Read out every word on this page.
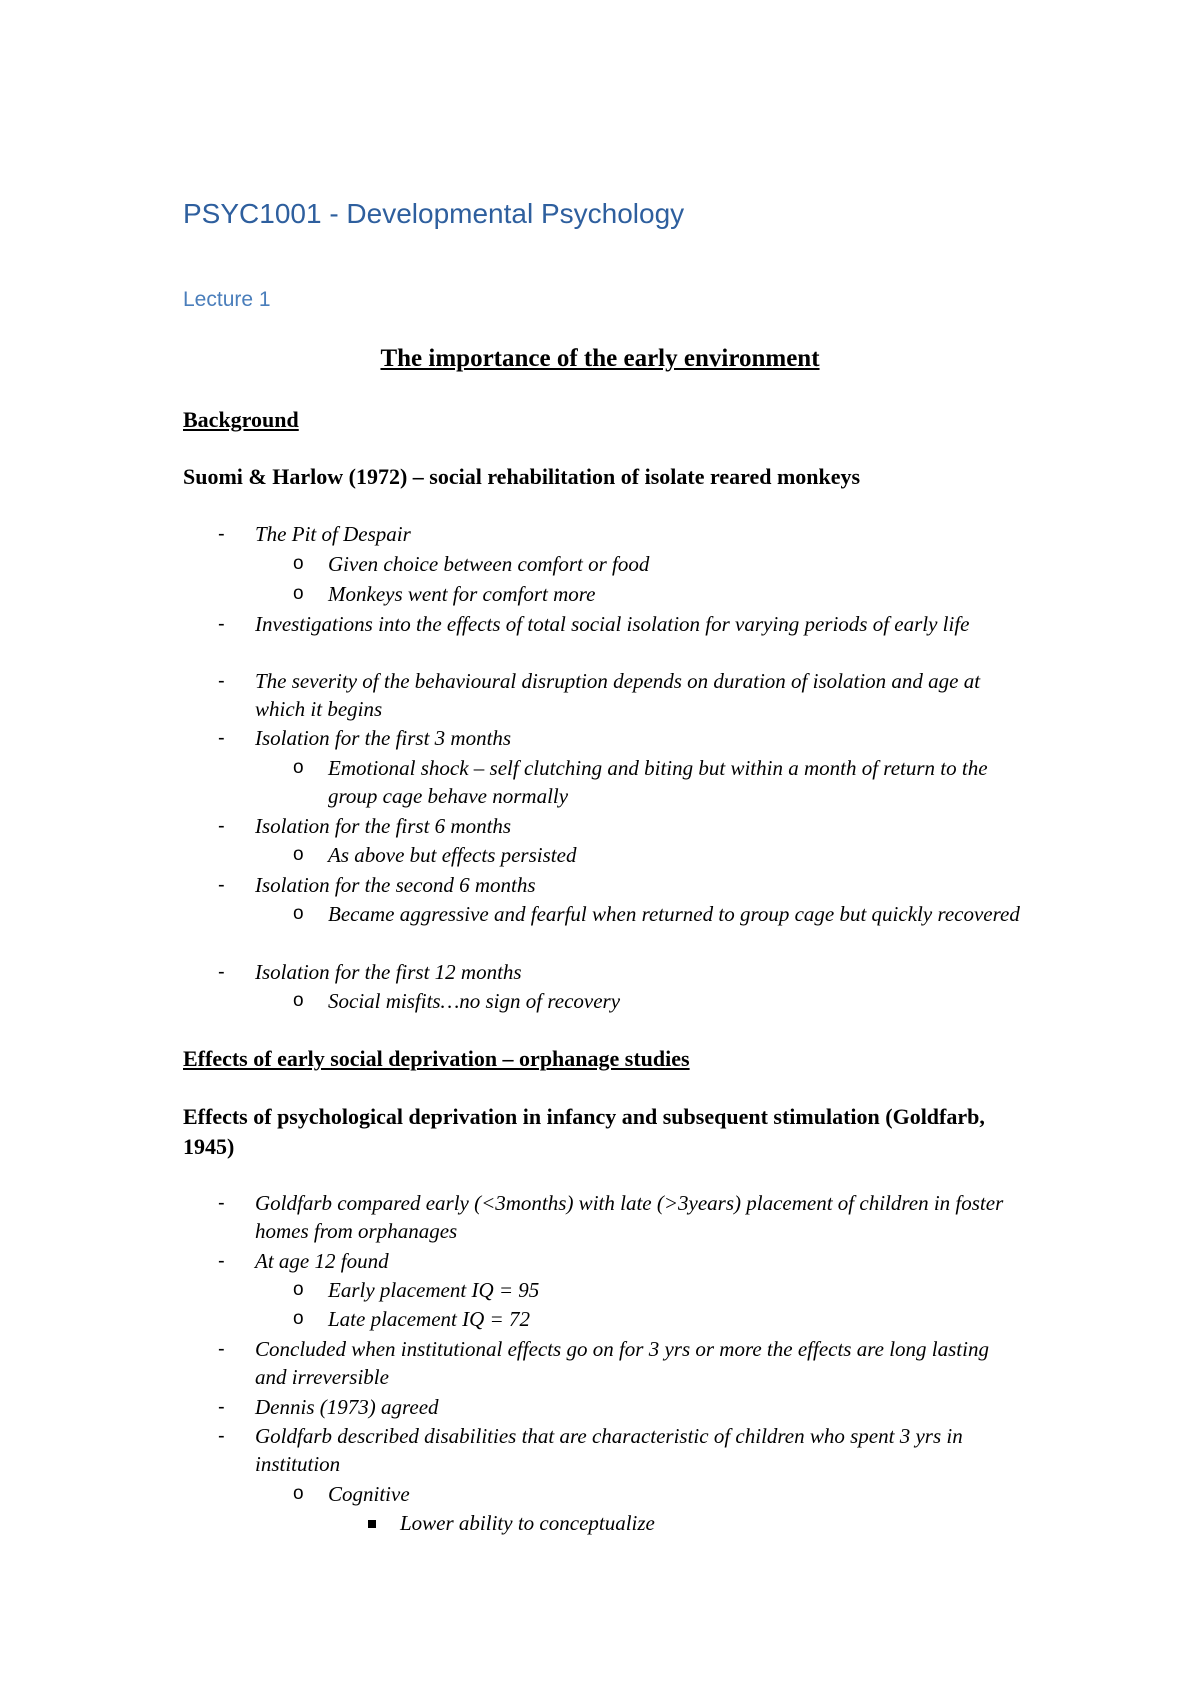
PSYC1001 - Developmental Psychology
Lecture 1
The importance of the early environment
Background
Suomi & Harlow (1972) – social rehabilitation of isolate reared monkeys
- The Pit of Despair
o Given choice between comfort or food
o Monkeys went for comfort more
- Investigations into the effects of total social isolation for varying periods of early life
- The severity of the behavioural disruption depends on duration of isolation and age at which it begins
- Isolation for the first 3 months
o Emotional shock – self clutching and biting but within a month of return to the group cage behave normally
- Isolation for the first 6 months
o As above but effects persisted
- Isolation for the second 6 months
o Became aggressive and fearful when returned to group cage but quickly recovered
- Isolation for the first 12 months
o Social misfits…no sign of recovery
Effects of early social deprivation – orphanage studies
Effects of psychological deprivation in infancy and subsequent stimulation (Goldfarb, 1945)
- Goldfarb compared early (<3months) with late (>3years) placement of children in foster homes from orphanages
- At age 12 found
o Early placement IQ = 95
o Late placement IQ = 72
- Concluded when institutional effects go on for 3 yrs or more the effects are long lasting and irreversible
- Dennis (1973) agreed
- Goldfarb described disabilities that are characteristic of children who spent 3 yrs in institution
o Cognitive
Lower ability to conceptualize
